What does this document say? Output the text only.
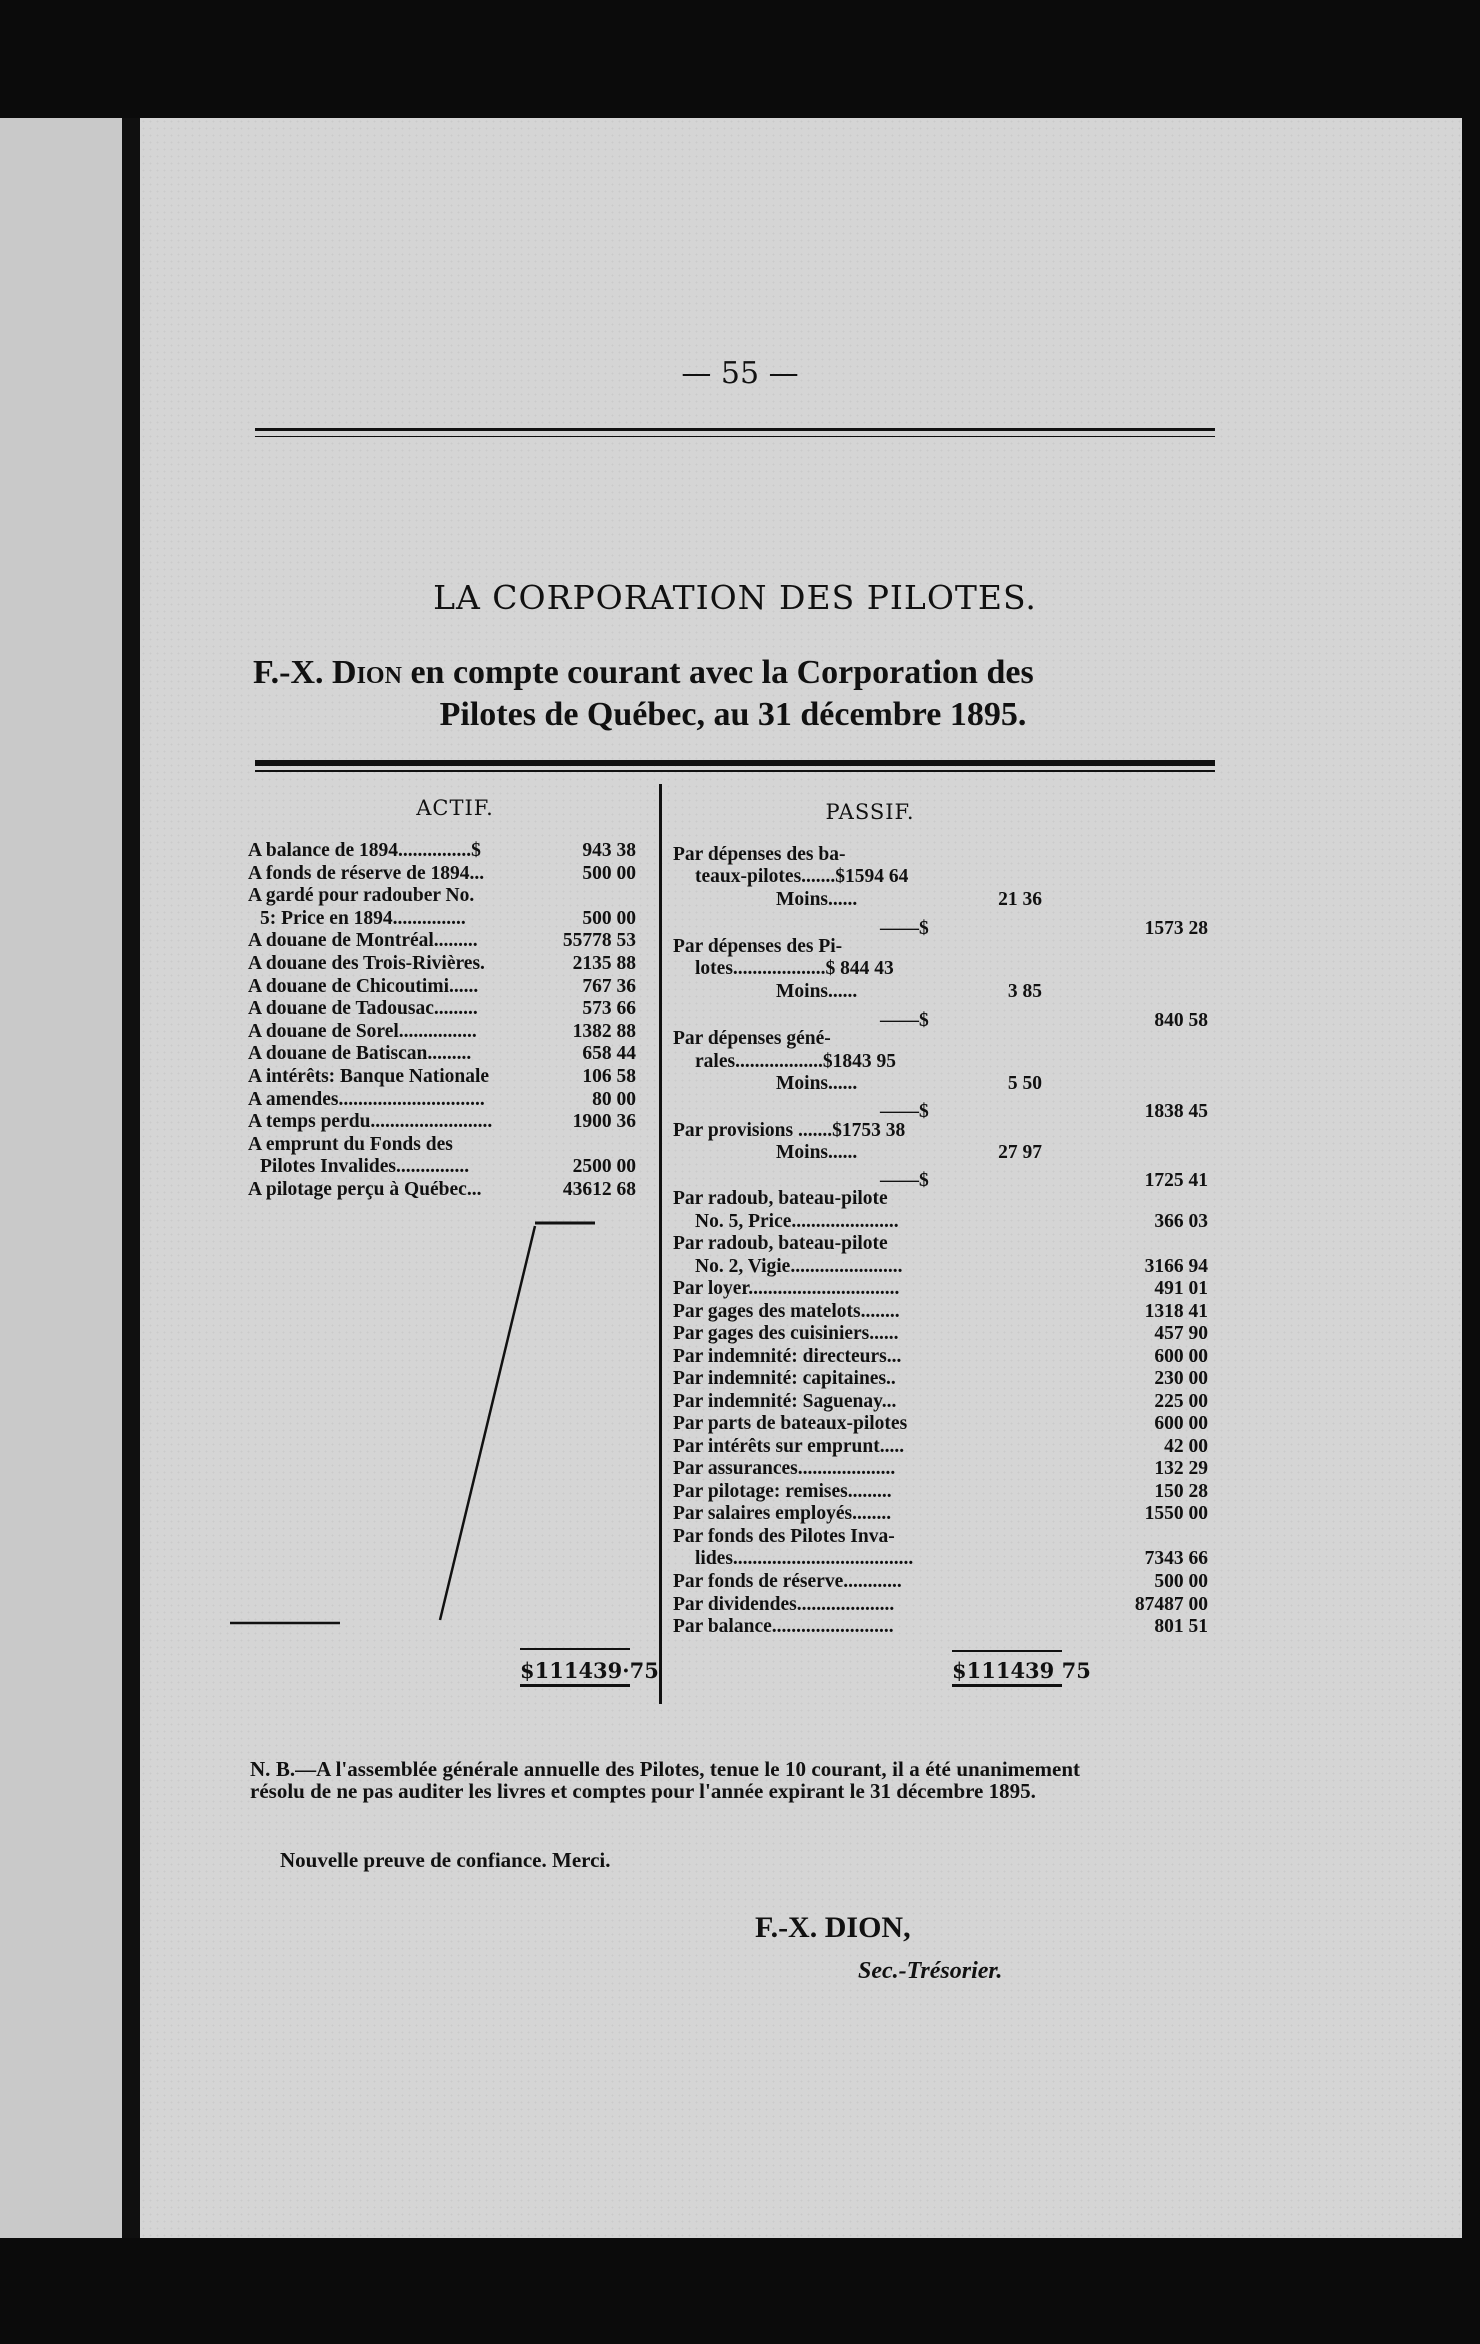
— 55 —
LA CORPORATION DES PILOTES.
F.-X. Dion en compte courant avec la Corporation des
Pilotes de Québec, au 31 décembre 1895.
ACTIF.	PASSIF.
A balance de 1894...............$	943 38
A fonds de réserve de 1894...	500 00
A gardé pour radouber No.
5: Price en 1894...............	500 00
A douane de Montréal.........	55778 53
A douane des Trois-Rivières.	2135 88
A douane de Chicoutimi......	767 36
A douane de Tadousac.........	573 66
A douane de Sorel................	1382 88
A douane de Batiscan.........	658 44
A intérêts: Banque Nationale	106 58
A amendes..............................	80 00
A temps perdu.........................	1900 36
A emprunt du Fonds des
Pilotes Invalides...............	2500 00
A pilotage perçu à Québec...	43612 68
Par dépenses des ba-
teaux-pilotes.......$1594 64
Moins......	21 36
——$	1573 28
Par dépenses des Pi-
lotes...................$ 844 43
Moins......	3 85
——$	840 58
Par dépenses géné-
rales..................$1843 95
Moins......	5 50
——$	1838 45
Par provisions .......$1753 38
Moins......	27 97
——$	1725 41
Par radoub, bateau-pilote
No. 5, Price......................	366 03
Par radoub, bateau-pilote
No. 2, Vigie.......................	3166 94
Par loyer...............................	491 01
Par gages des matelots........	1318 41
Par gages des cuisiniers......	457 90
Par indemnité: directeurs...	600 00
Par indemnité: capitaines..	230 00
Par indemnité: Saguenay...	225 00
Par parts de bateaux-pilotes	600 00
Par intérêts sur emprunt.....	42 00
Par assurances....................	132 29
Par pilotage: remises.........	150 28
Par salaires employés........	1550 00
Par fonds des Pilotes Inva-
lides.....................................	7343 66
Par fonds de réserve............	500 00
Par dividendes....................	87487 00
Par balance.........................	801 51
$111439·75	$111439 75
N. B.—A l'assemblée générale annuelle des Pilotes, tenue le 10 courant, il a été unanimement résolu de ne pas auditer les livres et comptes pour l'année expirant le 31 décembre 1895.
Nouvelle preuve de confiance. Merci.
F.-X. DION,
Sec.-Trésorier.
